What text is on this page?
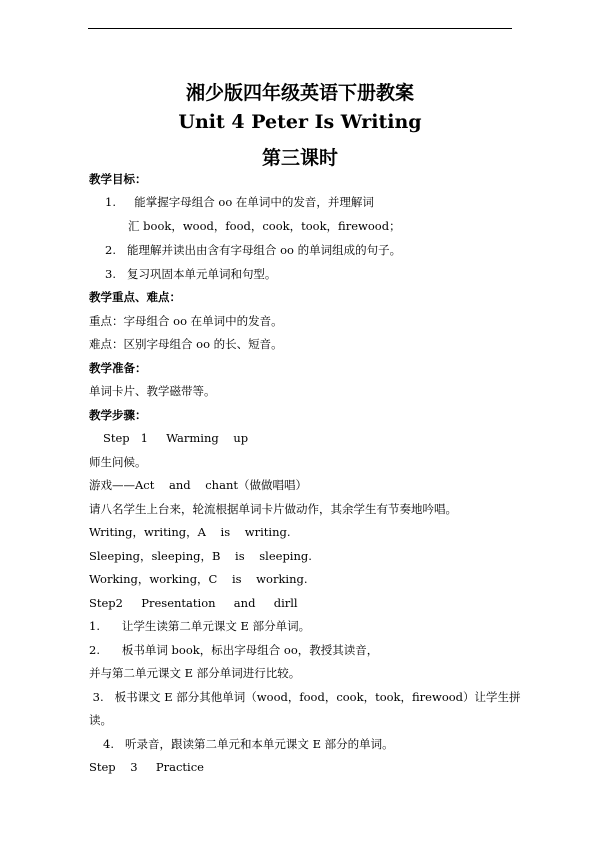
湘少版四年级英语下册教案
Unit 4 Peter Is Writing
第三课时
教学目标：
1.     能掌握字母组合 oo 在单词中的发音，并理解词
汇 book，wood，food，cook，took，firewood；
2.   能理解并读出由含有字母组合 oo 的单词组成的句子。
3.   复习巩固本单元单词和句型。
教学重点、难点：
重点：字母组合 oo 在单词中的发音。
难点：区别字母组合 oo 的长、短音。
教学准备：
单词卡片、教学磁带等。
教学步骤：
Step   1     Warming    up
师生问候。
游戏——Act    and    chant（做做唱唱）
请八名学生上台来，轮流根据单词卡片做动作，其余学生有节奏地吟唱。
Writing，writing，A    is    writing.
Sleeping，sleeping，B    is    sleeping.
Working，working，C    is    working.
Step2     Presentation     and     dirll
1.      让学生读第二单元课文 E 部分单词。
2.      板书单词 book，标出字母组合 oo，教授其读音，
并与第二单元课文 E 部分单词进行比较。
3.   板书课文 E 部分其他单词（wood，food，cook，took，firewood）让学生拼
读。
4.   听录音，跟读第二单元和本单元课文 E 部分的单词。
Step    3     Practice
